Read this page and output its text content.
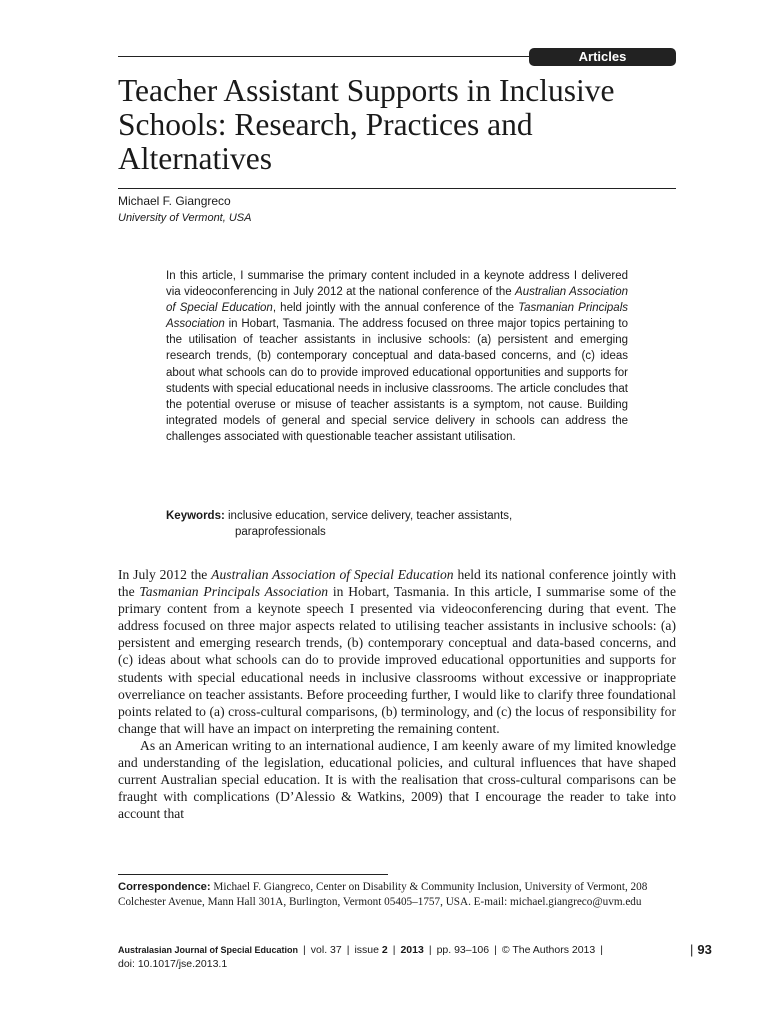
Articles
Teacher Assistant Supports in Inclusive Schools: Research, Practices and Alternatives
Michael F. Giangreco
University of Vermont, USA

In this article, I summarise the primary content included in a keynote address I delivered via videoconferencing in July 2012 at the national conference of the Australian Association of Special Education, held jointly with the annual conference of the Tasmanian Principals Association in Hobart, Tasmania. The address focused on three major topics pertaining to the utilisation of teacher assistants in inclusive schools: (a) persistent and emerging research trends, (b) contemporary conceptual and data-based concerns, and (c) ideas about what schools can do to provide improved educational opportunities and supports for students with special educational needs in inclusive classrooms. The article concludes that the potential overuse or misuse of teacher assistants is a symptom, not cause. Building integrated models of general and special service delivery in schools can address the challenges associated with questionable teacher assistant utilisation.

Keywords: inclusive education, service delivery, teacher assistants,
paraprofessionals

In July 2012 the Australian Association of Special Education held its national conference jointly with the Tasmanian Principals Association in Hobart, Tasmania. In this article, I summarise some of the primary content from a keynote speech I presented via videoconferencing during that event. The address focused on three major aspects related to utilising teacher assistants in inclusive schools: (a) persistent and emerging research trends, (b) contemporary conceptual and data-based concerns, and (c) ideas about what schools can do to provide improved educational opportunities and supports for students with special educational needs in inclusive classrooms without excessive or inappropriate overreliance on teacher assistants. Before proceeding further, I would like to clarify three foundational points related to (a) cross-cultural comparisons, (b) terminology, and (c) the locus of responsibility for change that will have an impact on interpreting the remaining content.

As an American writing to an international audience, I am keenly aware of my limited knowledge and understanding of the legislation, educational policies, and cultural influences that have shaped current Australian special education. It is with the realisation that cross-cultural comparisons can be fraught with complications (D’Alessio & Watkins, 2009) that I encourage the reader to take into account that

Correspondence: Michael F. Giangreco, Center on Disability & Community Inclusion, University of Vermont, 208 Colchester Avenue, Mann Hall 301A, Burlington, Vermont 05405–1757, USA. E-mail: michael.giangreco@uvm.edu

Australasian Journal of Special Education | vol. 37 | issue 2 | 2013 | pp. 93–106 | © The Authors 2013 |
doi: 10.1017/jse.2013.1
| 93
